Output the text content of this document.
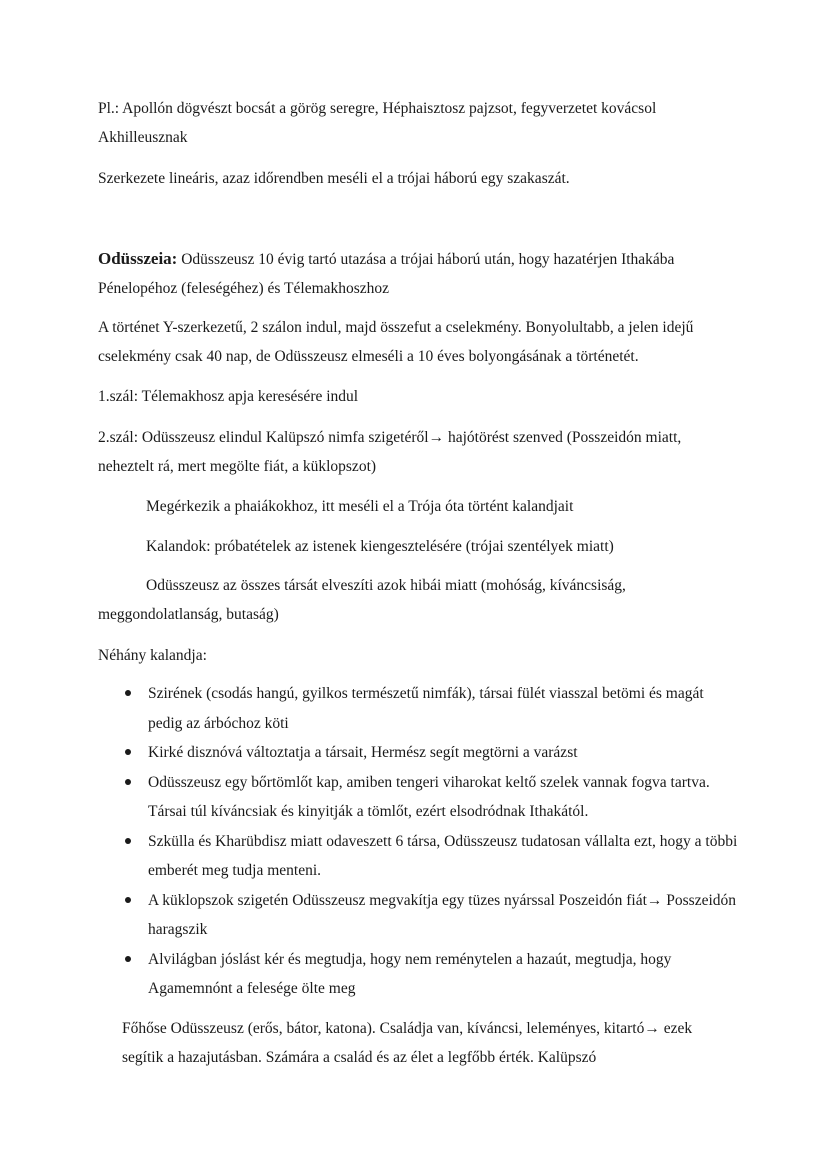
Pl.: Apollón dögvészt bocsát a görög seregre, Héphaisztosz pajzsot, fegyverzetet kovácsol Akhilleusznak

Szerkezete lineáris, azaz időrendben meséli el a trójai háború egy szakaszát.

Odüsszeia: Odüsszeusz 10 évig tartó utazása a trójai háború után, hogy hazatérjen Ithakába Pénelopéhoz (feleségéhez) és Télemakhoszhoz

A történet Y-szerkezetű, 2 szálon indul, majd összefut a cselekmény. Bonyolultabb, a jelen idejű cselekmény csak 40 nap, de Odüsszeusz elmeséli a 10 éves bolyongásának a történetét.

1.szál: Télemakhosz apja keresésére indul

2.szál: Odüsszeusz elindul Kalüpszó nimfa szigetéről→ hajótörést szenved (Posszeidón miatt, neheztelt rá, mert megölte fiát, a küklopszot)

Megérkezik a phaiákokhoz, itt meséli el a Trója óta történt kalandjait

Kalandok: próbatételek az istenek kiengesztelésére (trójai szentélyek miatt)

Odüsszeusz az összes társát elveszíti azok hibái miatt (mohóság, kíváncsiság, meggondolatlanság, butaság)

Néhány kalandja:

Szirének (csodás hangú, gyilkos természetű nimfák), társai fülét viasszal betömi és magát pedig az árbóchoz köti
Kirké disznóvá változtatja a társait, Hermész segít megtörni a varázst
Odüsszeusz egy bőrtömlőt kap, amiben tengeri viharokat keltő szelek vannak fogva tartva. Társai túl kíváncsiak és kinyitják a tömlőt, ezért elsodródnak Ithakától.
Szkülla és Kharübdisz miatt odaveszett 6 társa, Odüsszeusz tudatosan vállalta ezt, hogy a többi emberét meg tudja menteni.
A küklopszok szigetén Odüsszeusz megvakítja egy tüzes nyárssal Poszeidón fiát→ Posszeidón haragszik
Alvilágban jóslást kér és megtudja, hogy nem reménytelen a hazaút, megtudja, hogy Agamemnónt a felesége ölte meg

Főhőse Odüsszeusz (erős, bátor, katona). Családja van, kíváncsi, leleményes, kitartó→ ezek segítik a hazajutásban. Számára a család és az élet a legfőbb érték. Kalüpszó
